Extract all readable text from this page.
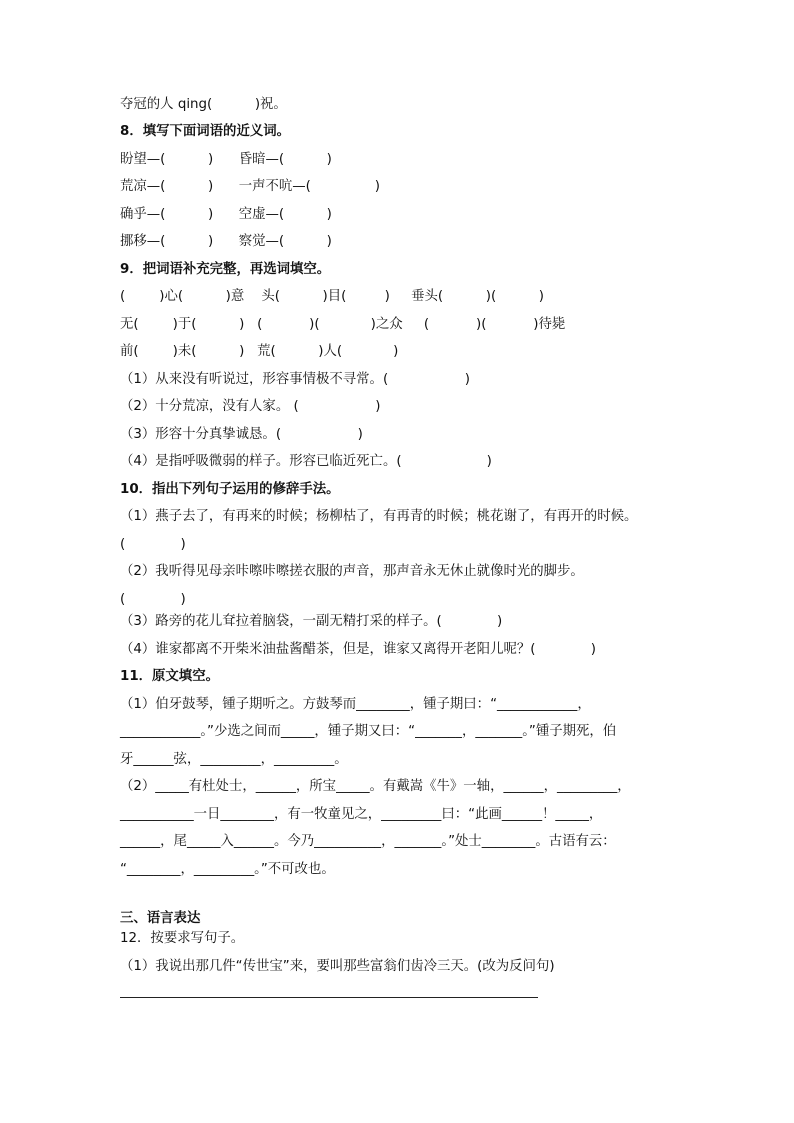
夺冠的人 qing(          )祝。
8．填写下面词语的近义词。
盼望—(          )      昏暗—(          )
荒凉—(          )      一声不吭—(               )
确乎—(          )      空虚—(          )
挪移—(          )      察觉—(          )
9．把词语补充完整，再选词填空。
(        )心(          )意    头(          )目(         )     垂头(          )(          )
无(        )于(          )   (           )(            )之众     (           )(           )待毙
前(        )未(          )   荒(          )人(            )
（1）从来没有听说过，形容事情极不寻常。(                  )
（2）十分荒凉，没有人家。 (                  )
（3）形容十分真挚诚恳。(                  )
（4）是指呼吸微弱的样子。形容已临近死亡。(                    )
10．指出下列句子运用的修辞手法。
（1）燕子去了，有再来的时候；杨柳枯了，有再青的时候；桃花谢了，有再开的时候。
(             )
（2）我听得见母亲咔嚓咔嚓搓衣服的声音，那声音永无休止就像时光的脚步。
(             )
（3）路旁的花儿耷拉着脑袋，一副无精打采的样子。(             )
（4）谁家都离不开柴米油盐酱醋茶，但是，谁家又离得开老阳儿呢？(             )
11．原文填空。
（1）伯牙鼓琴，锺子期听之。方鼓琴而________，锺子期曰：“____________，
____________。”少选之间而_____，锺子期又曰：“_______，_______。”锺子期死，伯
牙______弦，_________，_________。
（2）_____有杜处士，______，所宝_____。有戴嵩《牛》一轴，______，_________，
___________一日________，有一牧童见之，_________曰：“此画______！_____，
______，尾_____入______。今乃__________，_______。”处士________。古语有云：
“________，_________。”不可改也。
三、语言表达
12．按要求写句子。
（1）我说出那几件“传世宝”来，要叫那些富翁们齿冷三天。(改为反问句)
